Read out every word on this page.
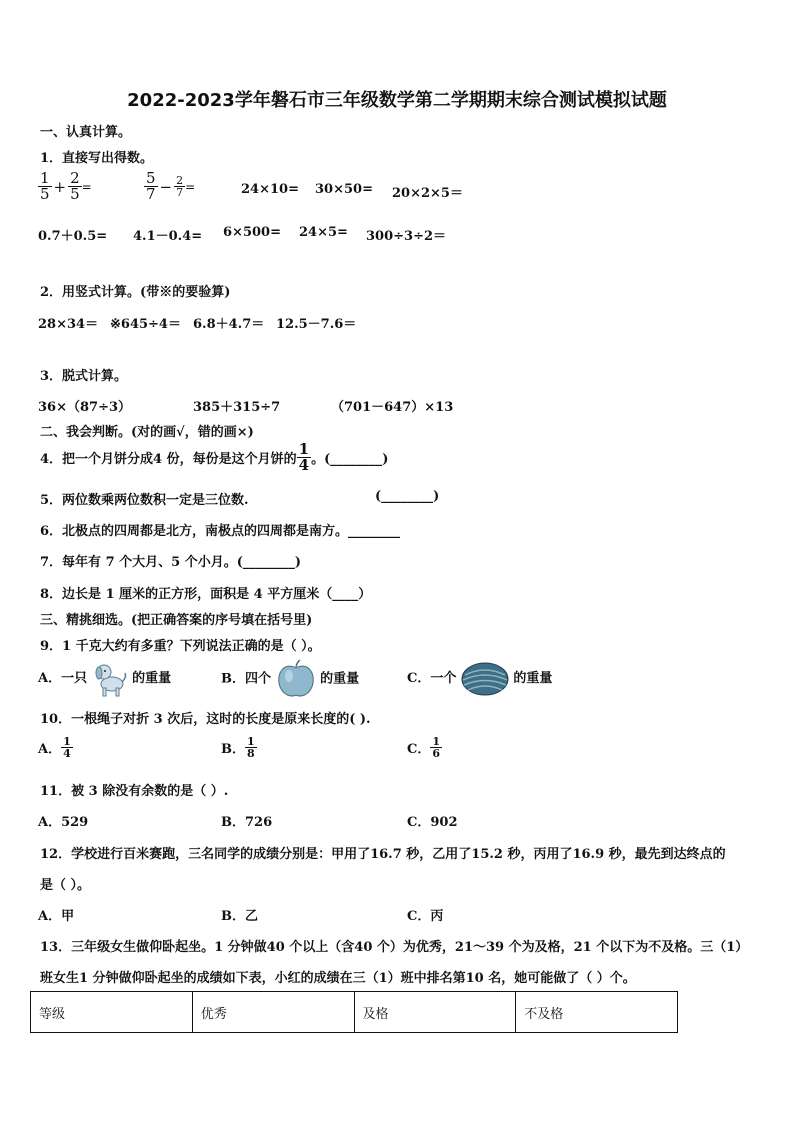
2022-2023学年磐石市三年级数学第二学期期末综合测试模拟试题
一、认真计算。
1．直接写出得数。
$\frac{1}{5} + \frac{2}{5}$ =	$\frac{5}{7} - \frac{2}{7}$ =	24×10= 30×50= 20×2×5＝
0.7＋0.5= 4.1－0.4= 6×500= 24×5= 300÷3÷2＝
2．用竖式计算。(带※的要验算)
28×34＝ ※645÷4＝ 6.8＋4.7＝ 12.5－7.6＝
3．脱式计算。
36×（87÷3）	385＋315÷7	（701－647）×13
二、我会判断。(对的画√，错的画×)
4．把一个月饼分成4 份，每份是这个月饼的 $\frac{1}{4}$ 。(________)
5．两位数乘两位数积一定是三位数.	(________)
6．北极点的四周都是北方，南极点的四周都是南方。________
7．每年有 7 个大月、5 个小月。(________)
8．边长是 1 厘米的正方形，面积是 4 平方厘米（____）
三、精挑细选。(把正确答案的序号填在括号里)
9．1 千克大约有多重？下列说法正确的是（ ）。
A．一只	的重量	B．四个	的重量	C．一个	的重量
10．一根绳子对折 3 次后，这时的长度是原来长度的( ).
A． $\frac{1}{4}$	B． $\frac{1}{8}$	C． $\frac{1}{6}$
11．被 3 除没有余数的是（ ）.
A．529	B．726	C．902
12．学校进行百米赛跑，三名同学的成绩分别是：甲用了16.7 秒，乙用了15.2 秒，丙用了16.9 秒，最先到达终点的
是（ ）。
A．甲	B．乙	C．丙
13．三年级女生做仰卧起坐。1 分钟做40 个以上（含40 个）为优秀，21～39 个为及格，21 个以下为不及格。三（1）
班女生1 分钟做仰卧起坐的成绩如下表，小红的成绩在三（1）班中排名第10 名，她可能做了（ ）个。
等级	优秀	及格	不及格
